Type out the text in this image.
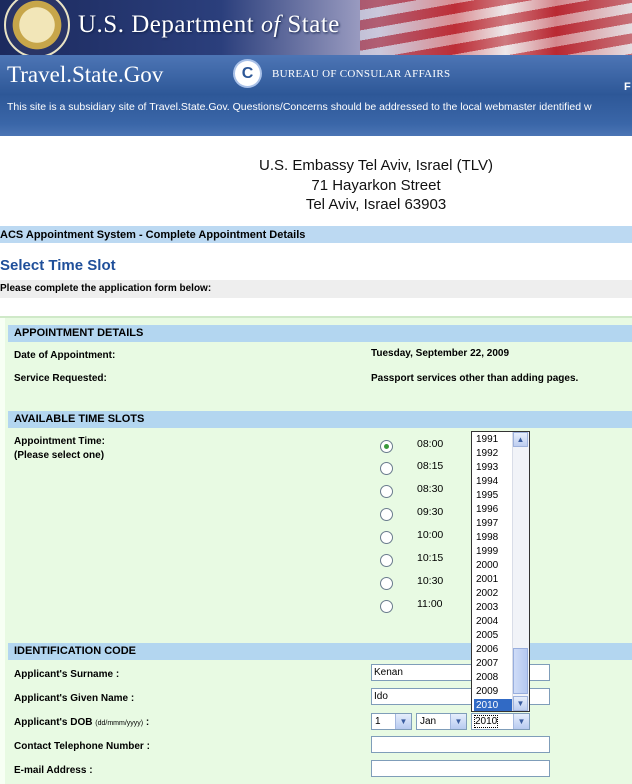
U.S. Department of State
Travel.State.Gov	C	BUREAU OF CONSULAR AFFAIRS
F
This site is a subsidiary site of Travel.State.Gov. Questions/Concerns should be addressed to the local webmaster identified w
U.S. Embassy Tel Aviv, Israel (TLV)
71 Hayarkon Street
Tel Aviv, Israel 63903
ACS Appointment System - Complete Appointment Details
Select Time Slot
Please complete the application form below:
APPOINTMENT DETAILS
Date of Appointment:	Tuesday, September 22, 2009
Service Requested:	Passport services other than adding pages.
AVAILABLE TIME SLOTS
Appointment Time:
(Please select one)
08:00
08:15
08:30
09:30
10:00
10:15
10:30
11:00
IDENTIFICATION CODE
Applicant's Surname :	Kenan
Applicant's Given Name :	Ido
Applicant's DOB (dd/mmm/yyyy) :	1	▼	Jan	▼	2010	▼
Contact Telephone Number :
E-mail Address :
1991
1992
1993
1994
1995
1996
1997
1998
1999
2000
2001
2002
2003
2004
2005
2006
2007
2008
2009
2010
▲
▼
